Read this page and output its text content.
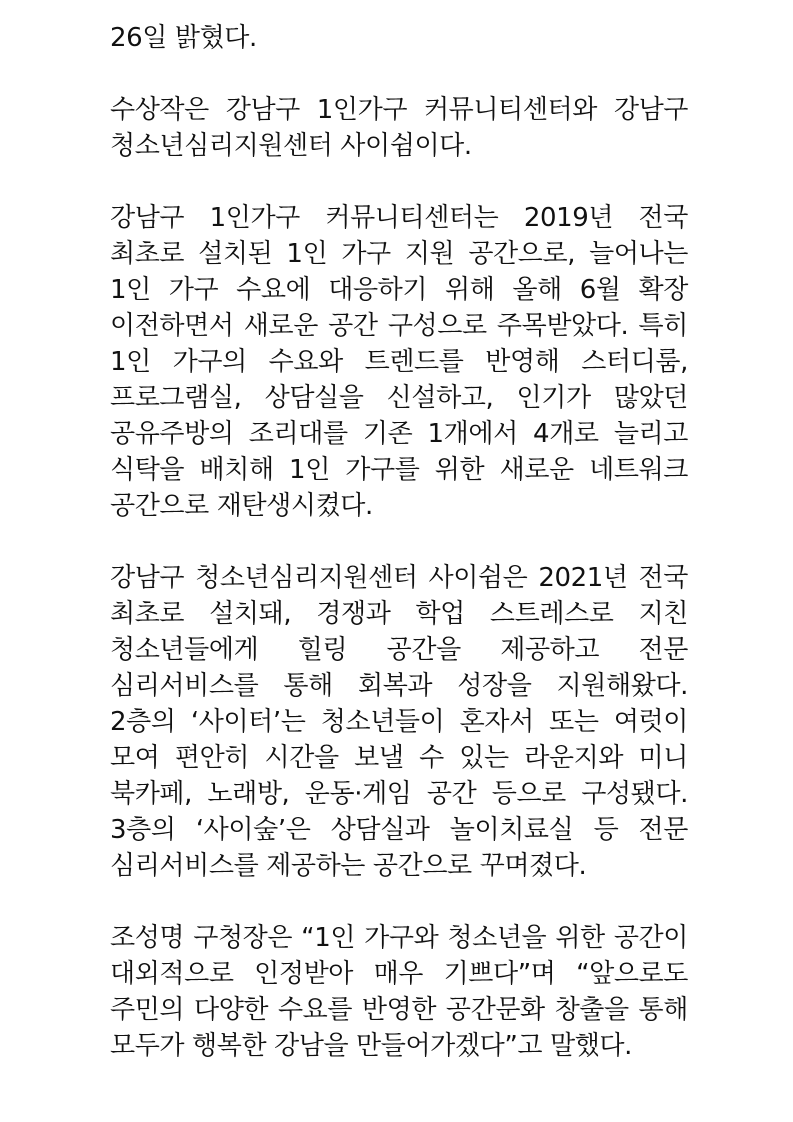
26일 밝혔다.

수상작은 강남구 1인가구 커뮤니티센터와 강남구 청소년심리지원센터 사이쉼이다.

강남구 1인가구 커뮤니티센터는 2019년 전국 최초로 설치된 1인 가구 지원 공간으로, 늘어나는 1인 가구 수요에 대응하기 위해 올해 6월 확장 이전하면서 새로운 공간 구성으로 주목받았다. 특히 1인 가구의 수요와 트렌드를 반영해 스터디룸, 프로그램실, 상담실을 신설하고, 인기가 많았던 공유주방의 조리대를 기존 1개에서 4개로 늘리고 식탁을 배치해 1인 가구를 위한 새로운 네트워크 공간으로 재탄생시켰다.

강남구 청소년심리지원센터 사이쉼은 2021년 전국 최초로 설치돼, 경쟁과 학업 스트레스로 지친 청소년들에게 힐링 공간을 제공하고 전문 심리서비스를 통해 회복과 성장을 지원해왔다. 2층의 ‘사이터’는 청소년들이 혼자서 또는 여럿이 모여 편안히 시간을 보낼 수 있는 라운지와 미니 북카페, 노래방, 운동·게임 공간 등으로 구성됐다. 3층의 ‘사이숲’은 상담실과 놀이치료실 등 전문 심리서비스를 제공하는 공간으로 꾸며졌다.

조성명 구청장은 “1인 가구와 청소년을 위한 공간이 대외적으로 인정받아 매우 기쁘다”며 “앞으로도 주민의 다양한 수요를 반영한 공간문화 창출을 통해 모두가 행복한 강남을 만들어가겠다”고 말했다.
